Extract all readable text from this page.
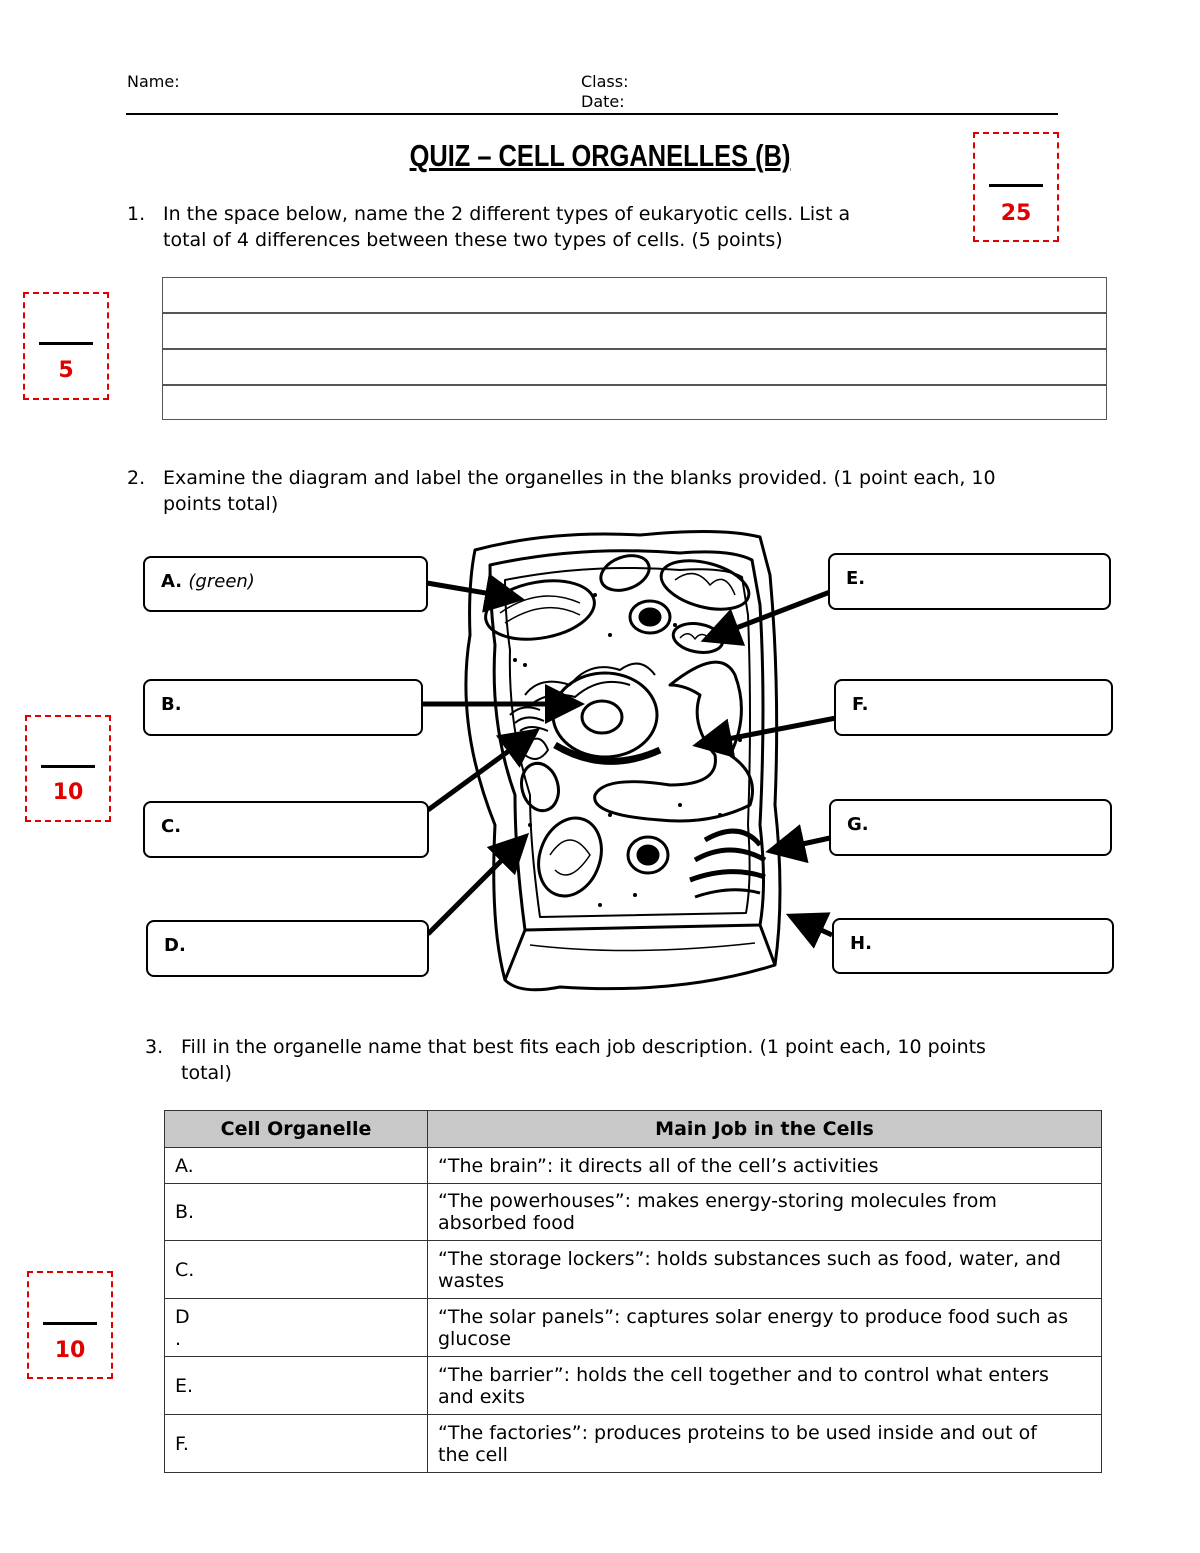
Name:	Class:
Date:
QUIZ – CELL ORGANELLES (B)
25
1. In the space below, name the 2 different types of eukaryotic cells. List a
total of 4 differences between these two types of cells. (5 points)
5
2. Examine the diagram and label the organelles in the blanks provided. (1 point each, 10
points total)
10
A. (green)
B.
C.
D.
E.
F.
G.
H.
3. Fill in the organelle name that best fits each job description. (1 point each, 10 points
total)
10
Cell Organelle	Main Job in the Cells
A.	“The brain”: it directs all of the cell’s activities
B.	“The powerhouses”: makes energy-storing molecules from
absorbed food
C.	“The storage lockers”: holds substances such as food, water, and
wastes
D
.	“The solar panels”: captures solar energy to produce food such as
glucose
E.	“The barrier”: holds the cell together and to control what enters
and exits
F.	“The factories”: produces proteins to be used inside and out of
the cell
